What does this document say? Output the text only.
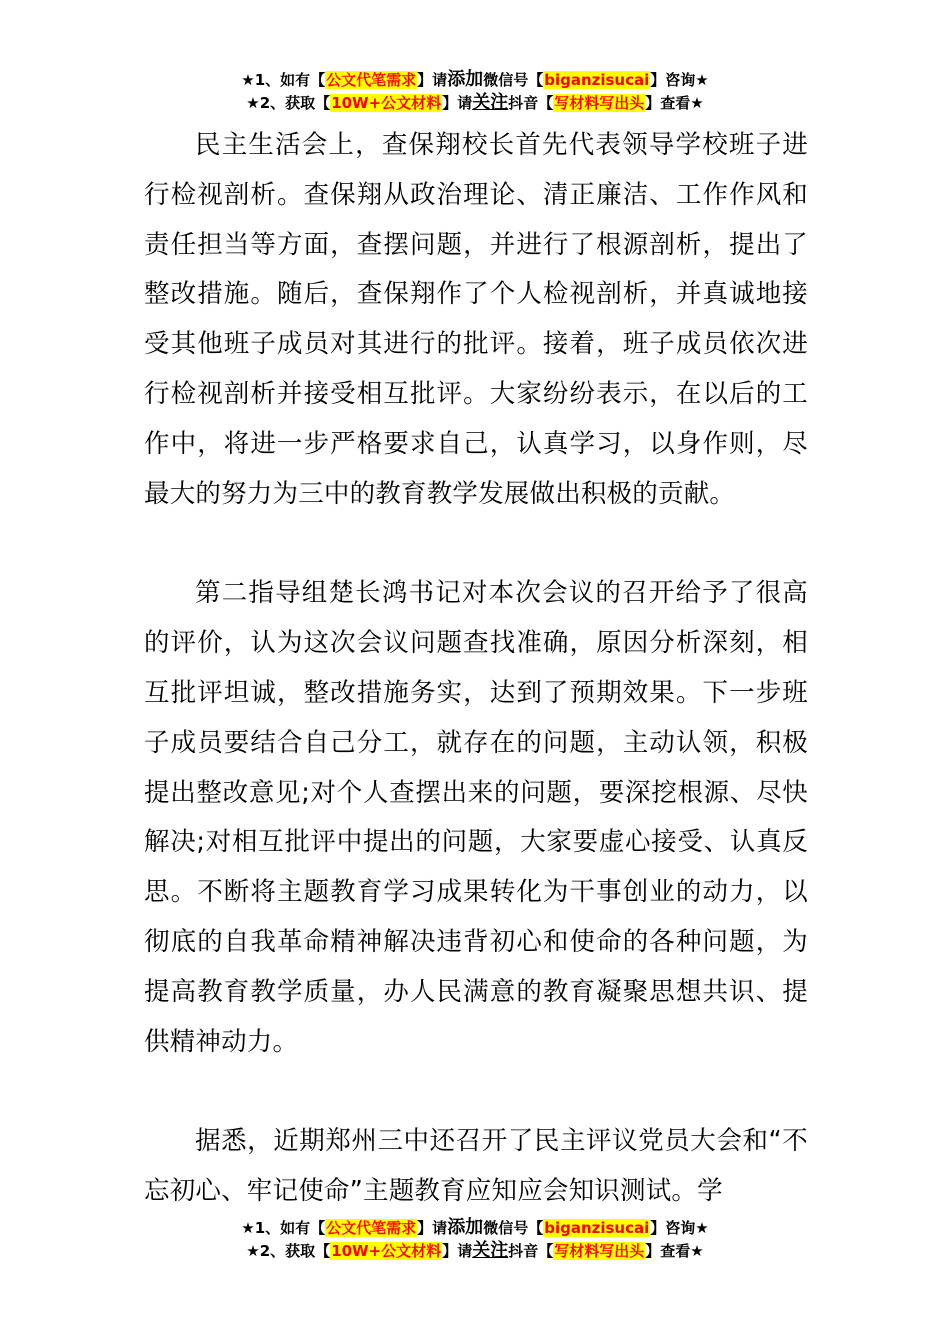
★1、如有【公文代笔需求】请添加微信号【biganzisucai】咨询★
★2、获取【10W+公文材料】请关注抖音【写材料写出头】查看★

民主生活会上，查保翔校长首先代表领导学校班子进行检视剖析。查保翔从政治理论、清正廉洁、工作作风和责任担当等方面，查摆问题，并进行了根源剖析，提出了整改措施。随后，查保翔作了个人检视剖析，并真诚地接受其他班子成员对其进行的批评。接着，班子成员依次进行检视剖析并接受相互批评。大家纷纷表示，在以后的工作中，将进一步严格要求自己，认真学习，以身作则，尽最大的努力为三中的教育教学发展做出积极的贡献。

第二指导组楚长鸿书记对本次会议的召开给予了很高的评价，认为这次会议问题查找准确，原因分析深刻，相互批评坦诚，整改措施务实，达到了预期效果。下一步班子成员要结合自己分工，就存在的问题，主动认领，积极提出整改意见;对个人查摆出来的问题，要深挖根源、尽快解决;对相互批评中提出的问题，大家要虚心接受、认真反思。不断将主题教育学习成果转化为干事创业的动力，以彻底的自我革命精神解决违背初心和使命的各种问题，为提高教育教学质量，办人民满意的教育凝聚思想共识、提供精神动力。

据悉，近期郑州三中还召开了民主评议党员大会和“不忘初心、牢记使命”主题教育应知应会知识测试。学

★1、如有【公文代笔需求】请添加微信号【biganzisucai】咨询★
★2、获取【10W+公文材料】请关注抖音【写材料写出头】查看★
